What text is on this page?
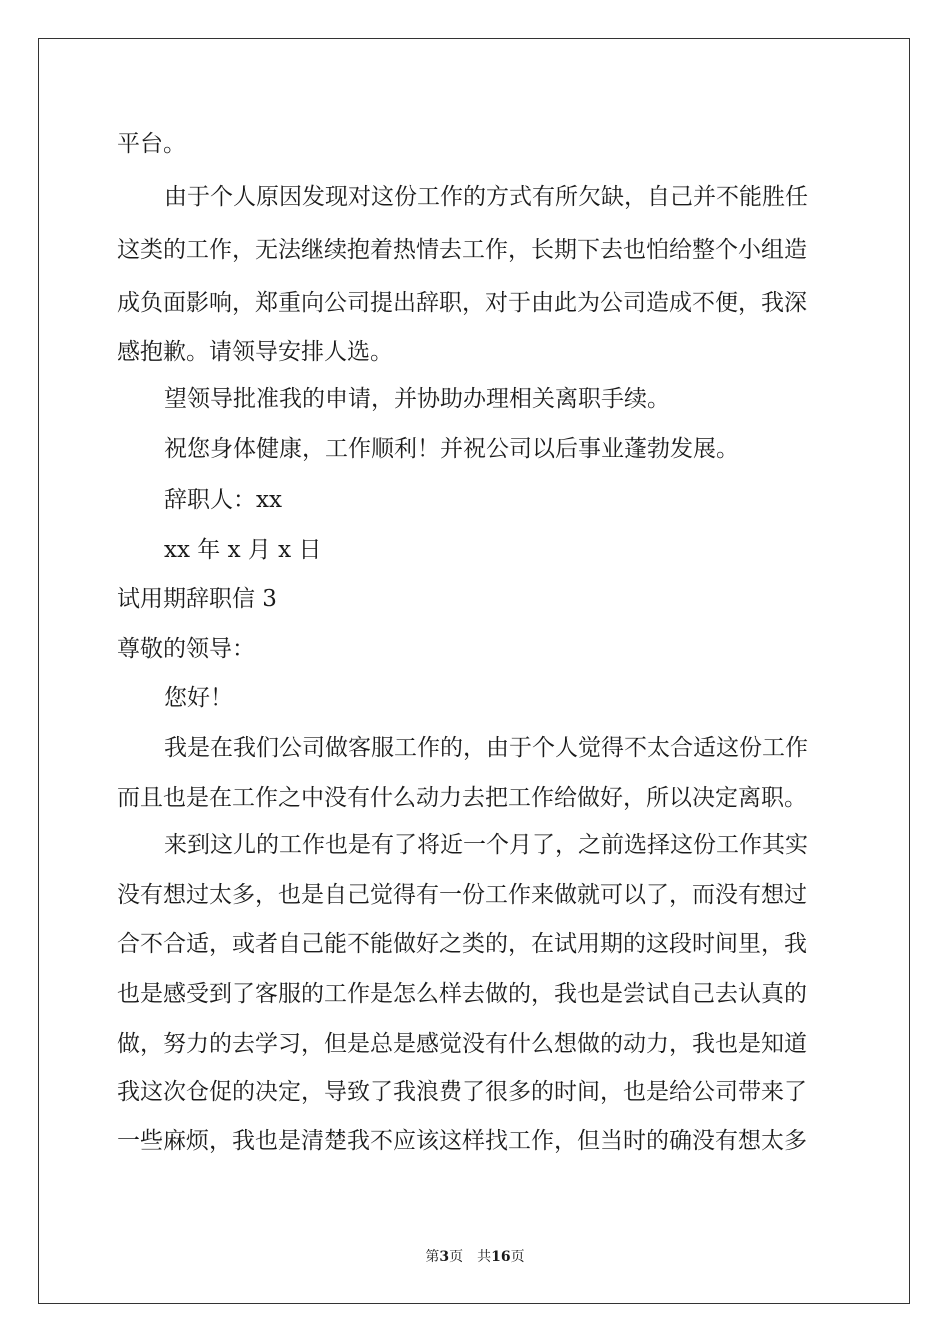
平台。
由于个人原因发现对这份工作的方式有所欠缺，自己并不能胜任
这类的工作，无法继续抱着热情去工作，长期下去也怕给整个小组造
成负面影响，郑重向公司提出辞职，对于由此为公司造成不便，我深
感抱歉。请领导安排人选。
望领导批准我的申请，并协助办理相关离职手续。
祝您身体健康，工作顺利！并祝公司以后事业蓬勃发展。
辞职人：xx
xx 年 x 月 x 日
试用期辞职信 3
尊敬的领导：
您好！
我是在我们公司做客服工作的，由于个人觉得不太合适这份工作
而且也是在工作之中没有什么动力去把工作给做好，所以决定离职。
来到这儿的工作也是有了将近一个月了，之前选择这份工作其实
没有想过太多，也是自己觉得有一份工作来做就可以了，而没有想过
合不合适，或者自己能不能做好之类的，在试用期的这段时间里，我
也是感受到了客服的工作是怎么样去做的，我也是尝试自己去认真的
做，努力的去学习，但是总是感觉没有什么想做的动力，我也是知道
我这次仓促的决定，导致了我浪费了很多的时间，也是给公司带来了
一些麻烦，我也是清楚我不应该这样找工作，但当时的确没有想太多
第3页 共16页
